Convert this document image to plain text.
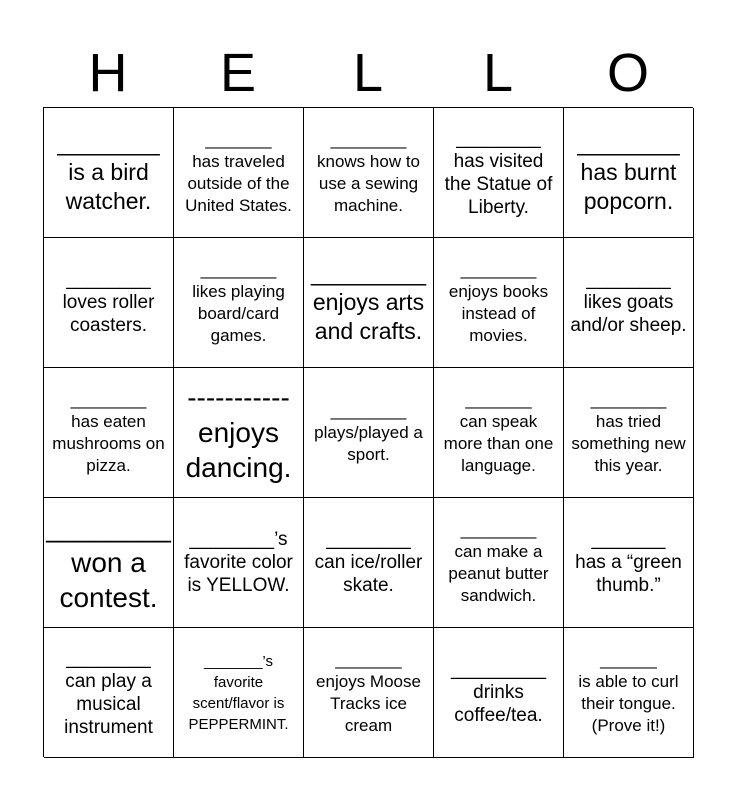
H	E	L	L	O
________
is a bird watcher.
_______
has traveled outside of the United States.
________
knows how to use a sewing machine.
________
has visited the Statue of Liberty.
________
has burnt popcorn.
________
loves roller coasters.
________
likes playing board/card games.
_________
enjoys arts and crafts.
________
enjoys books instead of movies.
________
likes goats and/or sheep.
________
has eaten mushrooms on pizza.
-----------
enjoys dancing.
________
plays/played a sport.
_______
can speak more than one language.
________
has tried something new this year.
________
won a contest.
________’s favorite color is YELLOW.
________
can ice/roller skate.
________
can make a peanut butter sandwich.
_______
has a “green thumb.”
________
can play a musical instrument
_______’s favorite scent/flavor is PEPPERMINT.
_______
enjoys Moose Tracks ice cream
_________
drinks coffee/tea.
______
is able to curl their tongue. (Prove it!)
